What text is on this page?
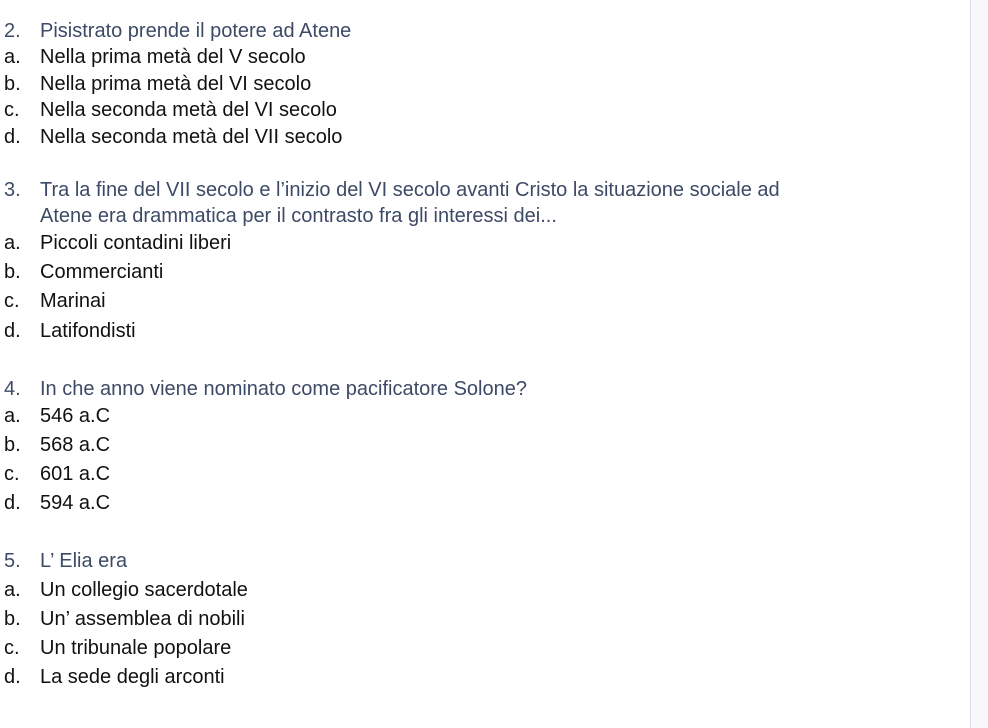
2. Pisistrato prende il potere ad Atene
a. Nella prima metà del V secolo
b. Nella prima metà del VI secolo
c.	Nella seconda metà del VI secolo
d. Nella seconda metà del VII secolo
3. Tra la fine del VII secolo e l’inizio del VI secolo avanti Cristo la situazione sociale ad
Atene era drammatica per il contrasto fra gli interessi dei...
a. Piccoli contadini liberi
b. Commercianti
c.	Marinai
d. Latifondisti
4. In che anno viene nominato come pacificatore Solone?
a. 546 a.C
b. 568 a.C
c.	601 a.C
d. 594 a.C
5. L’ Elia era
a. Un collegio sacerdotale
b. Un’ assemblea di nobili
c.	Un tribunale popolare
d. La sede degli arconti
